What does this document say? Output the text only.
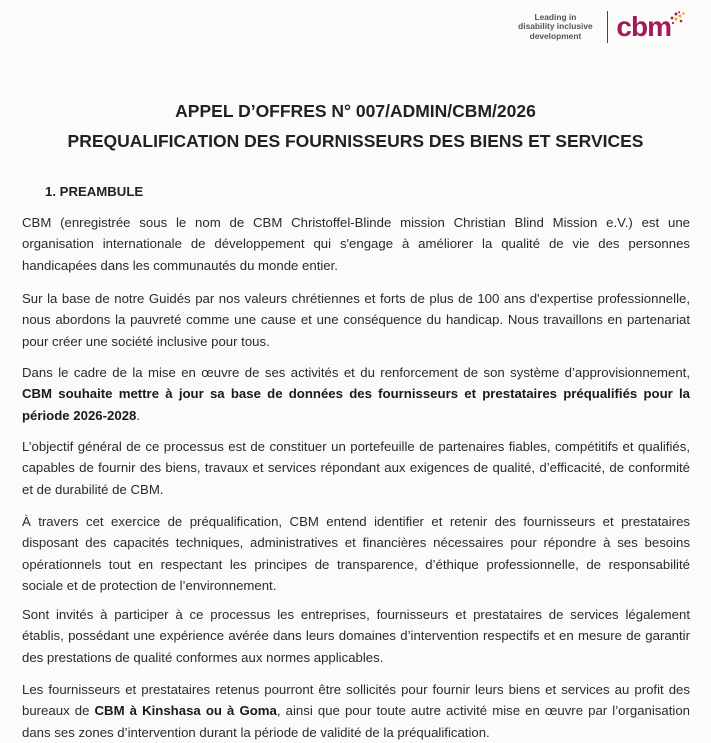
Leading in
disability inclusive
development	cbm
APPEL D’OFFRES N° 007/ADMIN/CBM/2026
PREQUALIFICATION DES FOURNISSEURS DES BIENS ET SERVICES
1. PREAMBULE
CBM (enregistrée sous le nom de CBM Christoffel-Blinde mission Christian Blind Mission e.V.) est une organisation internationale de développement qui s'engage à améliorer la qualité de vie des personnes handicapées dans les communautés du monde entier.
Sur la base de notre Guidés par nos valeurs chrétiennes et forts de plus de 100 ans d'expertise professionnelle, nous abordons la pauvreté comme une cause et une conséquence du handicap. Nous travaillons en partenariat pour créer une société inclusive pour tous.
Dans le cadre de la mise en œuvre de ses activités et du renforcement de son système d’approvisionnement, CBM souhaite mettre à jour sa base de données des fournisseurs et prestataires préqualifiés pour la période 2026-2028.
L’objectif général de ce processus est de constituer un portefeuille de partenaires fiables, compétitifs et qualifiés, capables de fournir des biens, travaux et services répondant aux exigences de qualité, d’efficacité, de conformité et de durabilité de CBM.
À travers cet exercice de préqualification, CBM entend identifier et retenir des fournisseurs et prestataires disposant des capacités techniques, administratives et financières nécessaires pour répondre à ses besoins opérationnels tout en respectant les principes de transparence, d’éthique professionnelle, de responsabilité sociale et de protection de l’environnement.
Sont invités à participer à ce processus les entreprises, fournisseurs et prestataires de services légalement établis, possédant une expérience avérée dans leurs domaines d’intervention respectifs et en mesure de garantir des prestations de qualité conformes aux normes applicables.
Les fournisseurs et prestataires retenus pourront être sollicités pour fournir leurs biens et services au profit des bureaux de CBM à Kinshasa ou à Goma, ainsi que pour toute autre activité mise en œuvre par l’organisation dans ses zones d’intervention durant la période de validité de la préqualification.
